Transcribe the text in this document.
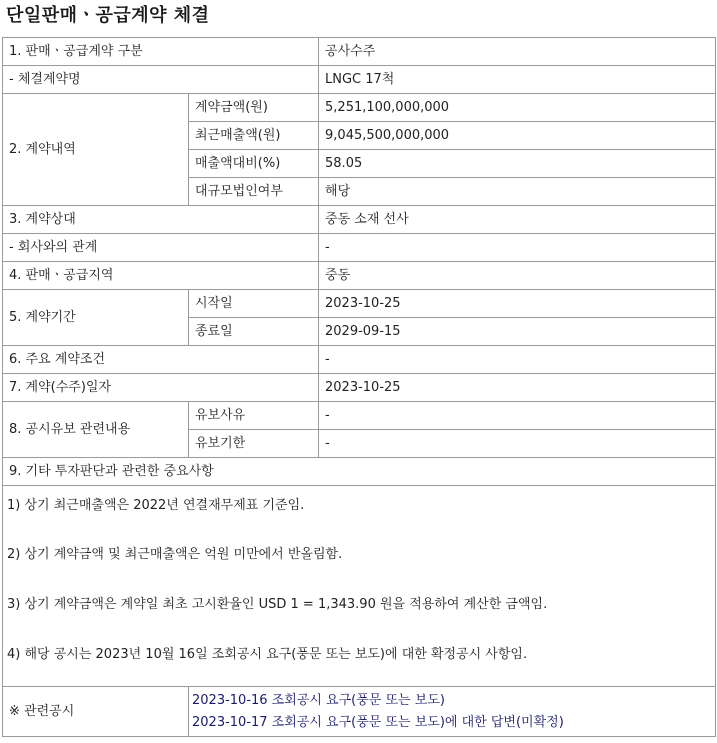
단일판매ㆍ공급계약 체결
1. 판매ㆍ공급계약 구분		공사수주
- 체결계약명		LNGC 17척
2. 계약내역	계약금액(원)	5,251,100,000,000
	최근매출액(원)	9,045,500,000,000
	매출액대비(%)	58.05
	대규모법인여부	해당
3. 계약상대		중동 소재 선사
- 회사와의 관계		-
4. 판매ㆍ공급지역		중동
5. 계약기간	시작일	2023-10-25
	종료일	2029-09-15
6. 주요 계약조건		-
7. 계약(수주)일자		2023-10-25
8. 공시유보 관련내용	유보사유	-
	유보기한	-
9. 기타 투자판단과 관련한 중요사항		

1) 상기 최근매출액은 2022년 연결재무제표 기준임.
2) 상기 계약금액 및 최근매출액은 억원 미만에서 반올림함.
3) 상기 계약금액은 계약일 최초 고시환율인 USD 1 = 1,343.90 원을 적용하여 계산한 금액임.
4) 해당 공시는 2023년 10월 16일 조회공시 요구(풍문 또는 보도)에 대한 확정공시 사항임.		

※ 관련공시	2023-10-16 조회공시 요구(풍문 또는 보도)
2023-10-17 조회공시 요구(풍문 또는 보도)에 대한 답변(미확정)	
